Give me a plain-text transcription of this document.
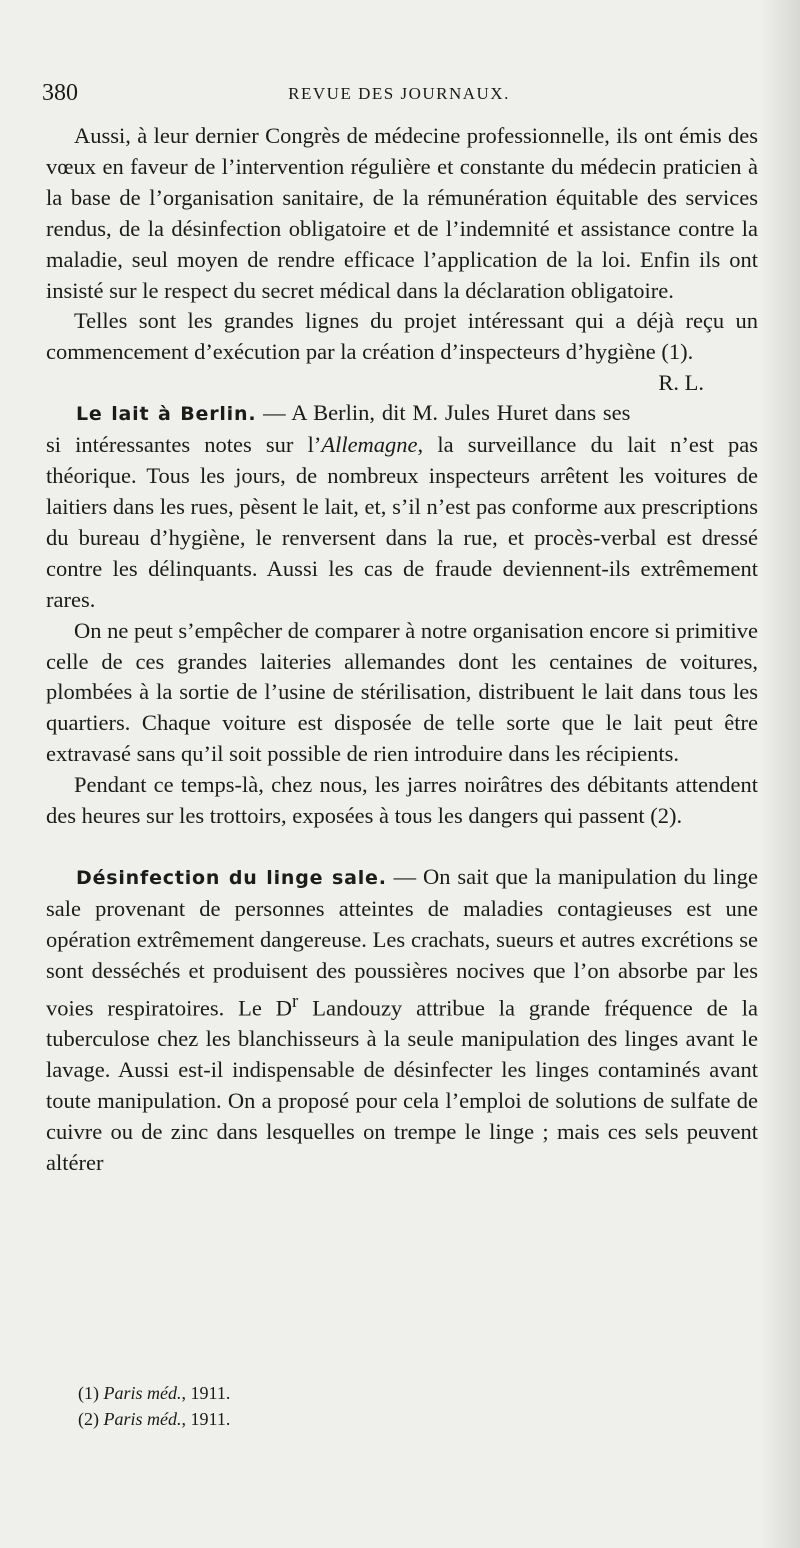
380	REVUE DES JOURNAUX.

Aussi, à leur dernier Congrès de médecine professionnelle, ils ont émis des vœux en faveur de l’intervention régulière et constante du médecin praticien à la base de l’organisation sanitaire, de la rémunération équitable des services rendus, de la désinfection obligatoire et de l’indemnité et assistance contre la maladie, seul moyen de rendre efficace l’application de la loi. Enfin ils ont insisté sur le respect du secret médical dans la déclaration obligatoire.

Telles sont les grandes lignes du projet intéressant qui a déjà reçu un commencement d’exécution par la création d’inspecteurs d’hygiène (1).
R. L.

Le lait à Berlin. — A Berlin, dit M. Jules Huret dans ses si intéressantes notes sur l’Allemagne, la surveillance du lait n’est pas théorique. Tous les jours, de nombreux inspecteurs arrêtent les voitures de laitiers dans les rues, pèsent le lait, et, s’il n’est pas conforme aux prescriptions du bureau d’hygiène, le renversent dans la rue, et procès-verbal est dressé contre les délinquants. Aussi les cas de fraude deviennent-ils extrêmement rares.

On ne peut s’empêcher de comparer à notre organisation encore si primitive celle de ces grandes laiteries allemandes dont les centaines de voitures, plombées à la sortie de l’usine de stérilisation, distribuent le lait dans tous les quartiers. Chaque voiture est disposée de telle sorte que le lait peut être extravasé sans qu’il soit possible de rien introduire dans les récipients.

Pendant ce temps-là, chez nous, les jarres noirâtres des débitants attendent des heures sur les trottoirs, exposées à tous les dangers qui passent (2).

Désinfection du linge sale. — On sait que la manipulation du linge sale provenant de personnes atteintes de maladies contagieuses est une opération extrêmement dangereuse. Les crachats, sueurs et autres excrétions se sont desséchés et produisent des poussières nocives que l’on absorbe par les voies respiratoires. Le $D^r$ Landouzy attribue la grande fréquence de la tuberculose chez les blanchisseurs à la seule manipulation des linges avant le lavage. Aussi est-il indispensable de désinfecter les linges contaminés avant toute manipulation. On a proposé pour cela l’emploi de solutions de sulfate de cuivre ou de zinc dans lesquelles on trempe le linge ; mais ces sels peuvent altérer

(1) Paris méd., 1911.
(2) Paris méd., 1911.
